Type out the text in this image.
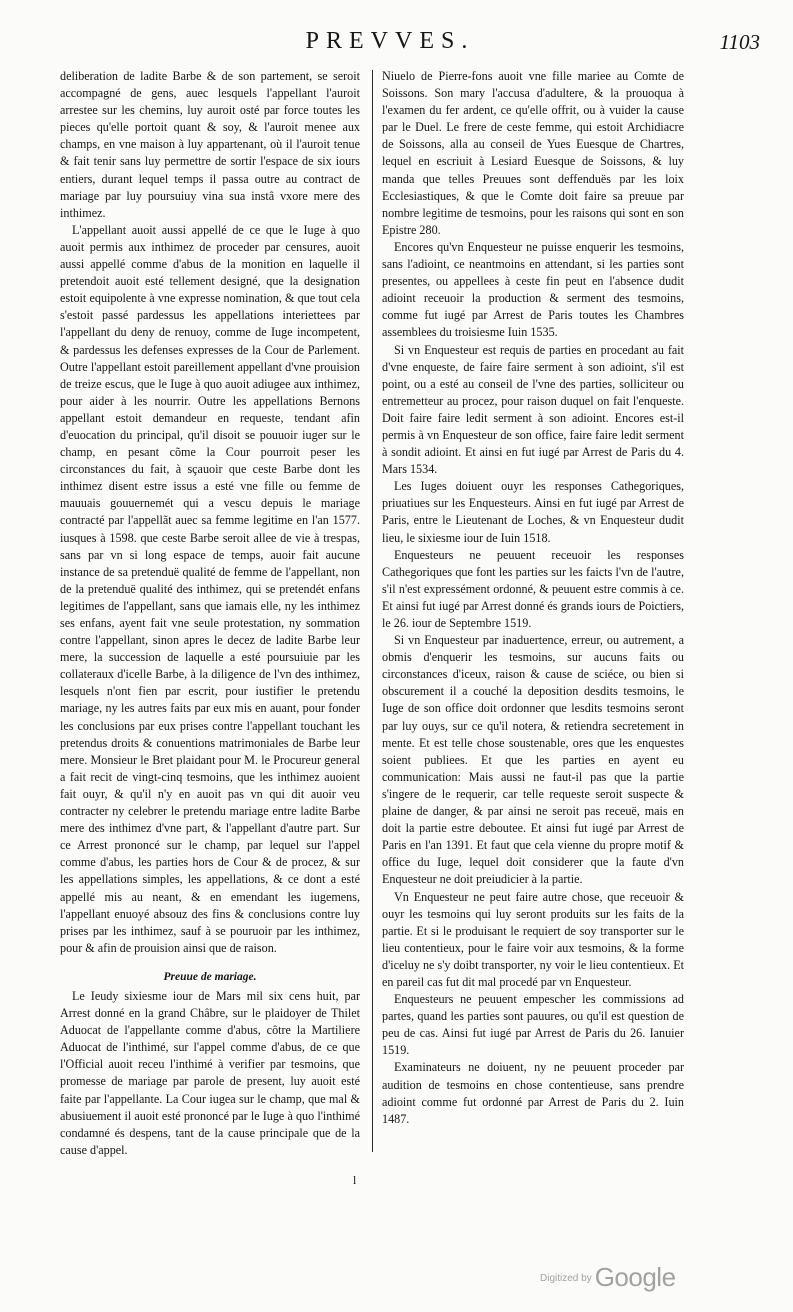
PREVVES.	1103

deliberation de ladite Barbe & de son partement, se seroit accompagné de gens, auec lesquels l'appellant l'auroit arrestee sur les chemins, luy auroit osté par force toutes les pieces qu'elle portoit quant & soy, & l'auroit menee aux champs, en vne maison à luy appartenant, où il l'auroit tenue & fait tenir sans luy permettre de sortir l'espace de six iours entiers, durant lequel temps il passa outre au contract de mariage par luy poursuiuy vina sua instâ vxore mere des inthimez.

L'appellant auoit aussi appellé de ce que le Iuge à quo auoit permis aux inthimez de proceder par censures, auoit aussi appellé comme d'abus de la monition en laquelle il pretendoit auoit esté tellement designé, que la designation estoit equipolente à vne expresse nomination, & que tout cela s'estoit passé pardessus les appellations interiettees par l'appellant du deny de renuoy, comme de Iuge incompetent, & pardessus les defenses expresses de la Cour de Parlement. Outre l'appellant estoit pareillement appellant d'vne prouision de treize escus, que le Iuge à quo auoit adiugee aux inthimez, pour aider à les nourrir. Outre les appellations Bernons appellant estoit demandeur en requeste, tendant afin d'euocation du principal, qu'il disoit se pouuoir iuger sur le champ, en pesant cõme la Cour pourroit peser les circonstances du fait, à sçauoir que ceste Barbe dont les inthimez disent estre issus a esté vne fille ou femme de mauuais gouuernemét qui a vescu depuis le mariage contracté par l'appellãt auec sa femme legitime en l'an 1577. iusques à 1598. que ceste Barbe seroit allee de vie à trespas, sans par vn si long espace de temps, auoir fait aucune instance de sa pretenduë qualité de femme de l'appellant, non de la pretenduë qualité des inthimez, qui se pretendét enfans legitimes de l'appellant, sans que iamais elle, ny les inthimez ses enfans, ayent fait vne seule protestation, ny sommation contre l'appellant, sinon apres le decez de ladite Barbe leur mere, la succession de laquelle a esté poursuiuie par les collateraux d'icelle Barbe, à la diligence de l'vn des inthimez, lesquels n'ont fien par escrit, pour iustifier le pretendu mariage, ny les autres faits par eux mis en auant, pour fonder les conclusions par eux prises contre l'appellant touchant les pretendus droits & conuentions matrimoniales de Barbe leur mere. Monsieur le Bret plaidant pour M. le Procureur general a fait recit de vingt-cinq tesmoins, que les inthimez auoient fait ouyr, & qu'il n'y en auoit pas vn qui dit auoir veu contracter ny celebrer le pretendu mariage entre ladite Barbe mere des inthimez d'vne part, & l'appellant d'autre part. Sur ce Arrest prononcé sur le champ, par lequel sur l'appel comme d'abus, les parties hors de Cour & de procez, & sur les appellations simples, les appellations, & ce dont a esté appellé mis au neant, & en emendant les iugemens, l'appellant enuoyé absouz des fins & conclusions contre luy prises par les inthimez, sauf à se pouruoir par les inthimez, pour & afin de prouision ainsi que de raison.

Preuue de mariage.

Le Ieudy sixiesme iour de Mars mil six cens huit, par Arrest donné en la grand Châbre, sur le plaidoyer de Thilet Aduocat de l'appellante comme d'abus, côtre la Martiliere Aduocat de l'inthimé, sur l'appel comme d'abus, de ce que l'Official auoit receu l'inthimé à verifier par tesmoins, que promesse de mariage par parole de present, luy auoit esté faite par l'appellante. La Cour iugea sur le champ, que mal & abusiuement il auoit esté prononcé par le Iuge à quo l'inthimé condamné és despens, tant de la cause principale que de la cause d'appel.

Niuelo de Pierre-fons auoit vne fille mariee au Comte de Soissons. Son mary l'accusa d'adultere, & la prouoqua à l'examen du fer ardent, ce qu'elle offrit, ou à vuider la cause par le Duel. Le frere de ceste femme, qui estoit Archidiacre de Soissons, alla au conseil de Yues Euesque de Chartres, lequel en escriuit à Lesiard Euesque de Soissons, & luy manda que telles Preuues sont deffenduës par les loix Ecclesiastiques, & que le Comte doit faire sa preuue par nombre legitime de tesmoins, pour les raisons qui sont en son Epistre 280.

Encores qu'vn Enquesteur ne puisse enquerir les tesmoins, sans l'adioint, ce neantmoins en attendant, si les parties sont presentes, ou appellees à ceste fin peut en l'absence dudit adioint receuoir la production & serment des tesmoins, comme fut iugé par Arrest de Paris toutes les Chambres assemblees du troisiesme Iuin 1535.

Si vn Enquesteur est requis de parties en procedant au fait d'vne enqueste, de faire faire serment à son adioint, s'il est point, ou a esté au conseil de l'vne des parties, solliciteur ou entremetteur au procez, pour raison duquel on fait l'enqueste. Doit faire faire ledit serment à son adioint. Encores est-il permis à vn Enquesteur de son office, faire faire ledit serment à sondit adioint. Et ainsi en fut iugé par Arrest de Paris du 4. Mars 1534.

Les Iuges doiuent ouyr les responses Cathegoriques, priuatiues sur les Enquesteurs. Ainsi en fut iugé par Arrest de Paris, entre le Lieutenant de Loches, & vn Enquesteur dudit lieu, le sixiesme iour de Iuin 1518.

Enquesteurs ne peuuent receuoir les responses Cathegoriques que font les parties sur les faicts l'vn de l'autre, s'il n'est expressément ordonné, & peuuent estre commis à ce. Et ainsi fut iugé par Arrest donné és grands iours de Poictiers, le 26. iour de Septembre 1519.

Si vn Enquesteur par inaduertence, erreur, ou autrement, a obmis d'enquerir les tesmoins, sur aucuns faits ou circonstances d'iceux, raison & cause de sciéce, ou bien si obscurement il a couché la deposition desdits tesmoins, le Iuge de son office doit ordonner que lesdits tesmoins seront par luy ouys, sur ce qu'il notera, & retiendra secretement in mente. Et est telle chose soustenable, ores que les enquestes soient publiees. Et que les parties en ayent eu communication: Mais aussi ne faut-il pas que la partie s'ingere de le requerir, car telle requeste seroit suspecte & plaine de danger, & par ainsi ne seroit pas receuë, mais en doit la partie estre deboutee. Et ainsi fut iugé par Arrest de Paris en l'an 1391. Et faut que cela vienne du propre motif & office du Iuge, lequel doit considerer que la faute d'vn Enquesteur ne doit preiudicier à la partie.

Vn Enquesteur ne peut faire autre chose, que receuoir & ouyr les tesmoins qui luy seront produits sur les faits de la partie. Et si le produisant le requiert de soy transporter sur le lieu contentieux, pour le faire voir aux tesmoins, & la forme d'iceluy ne s'y doibt transporter, ny voir le lieu contentieux. Et en pareil cas fut dit mal procedé par vn Enquesteur.

Enquesteurs ne peuuent empescher les commissions ad partes, quand les parties sont pauures, ou qu'il est question de peu de cas. Ainsi fut iugé par Arrest de Paris du 26. Ianuier 1519.

Examinateurs ne doiuent, ny ne peuuent proceder par audition de tesmoins en chose contentieuse, sans prendre adioint comme fut ordonné par Arrest de Paris du 2. Iuin 1487.

l
$^{Digitized by}$ Google
